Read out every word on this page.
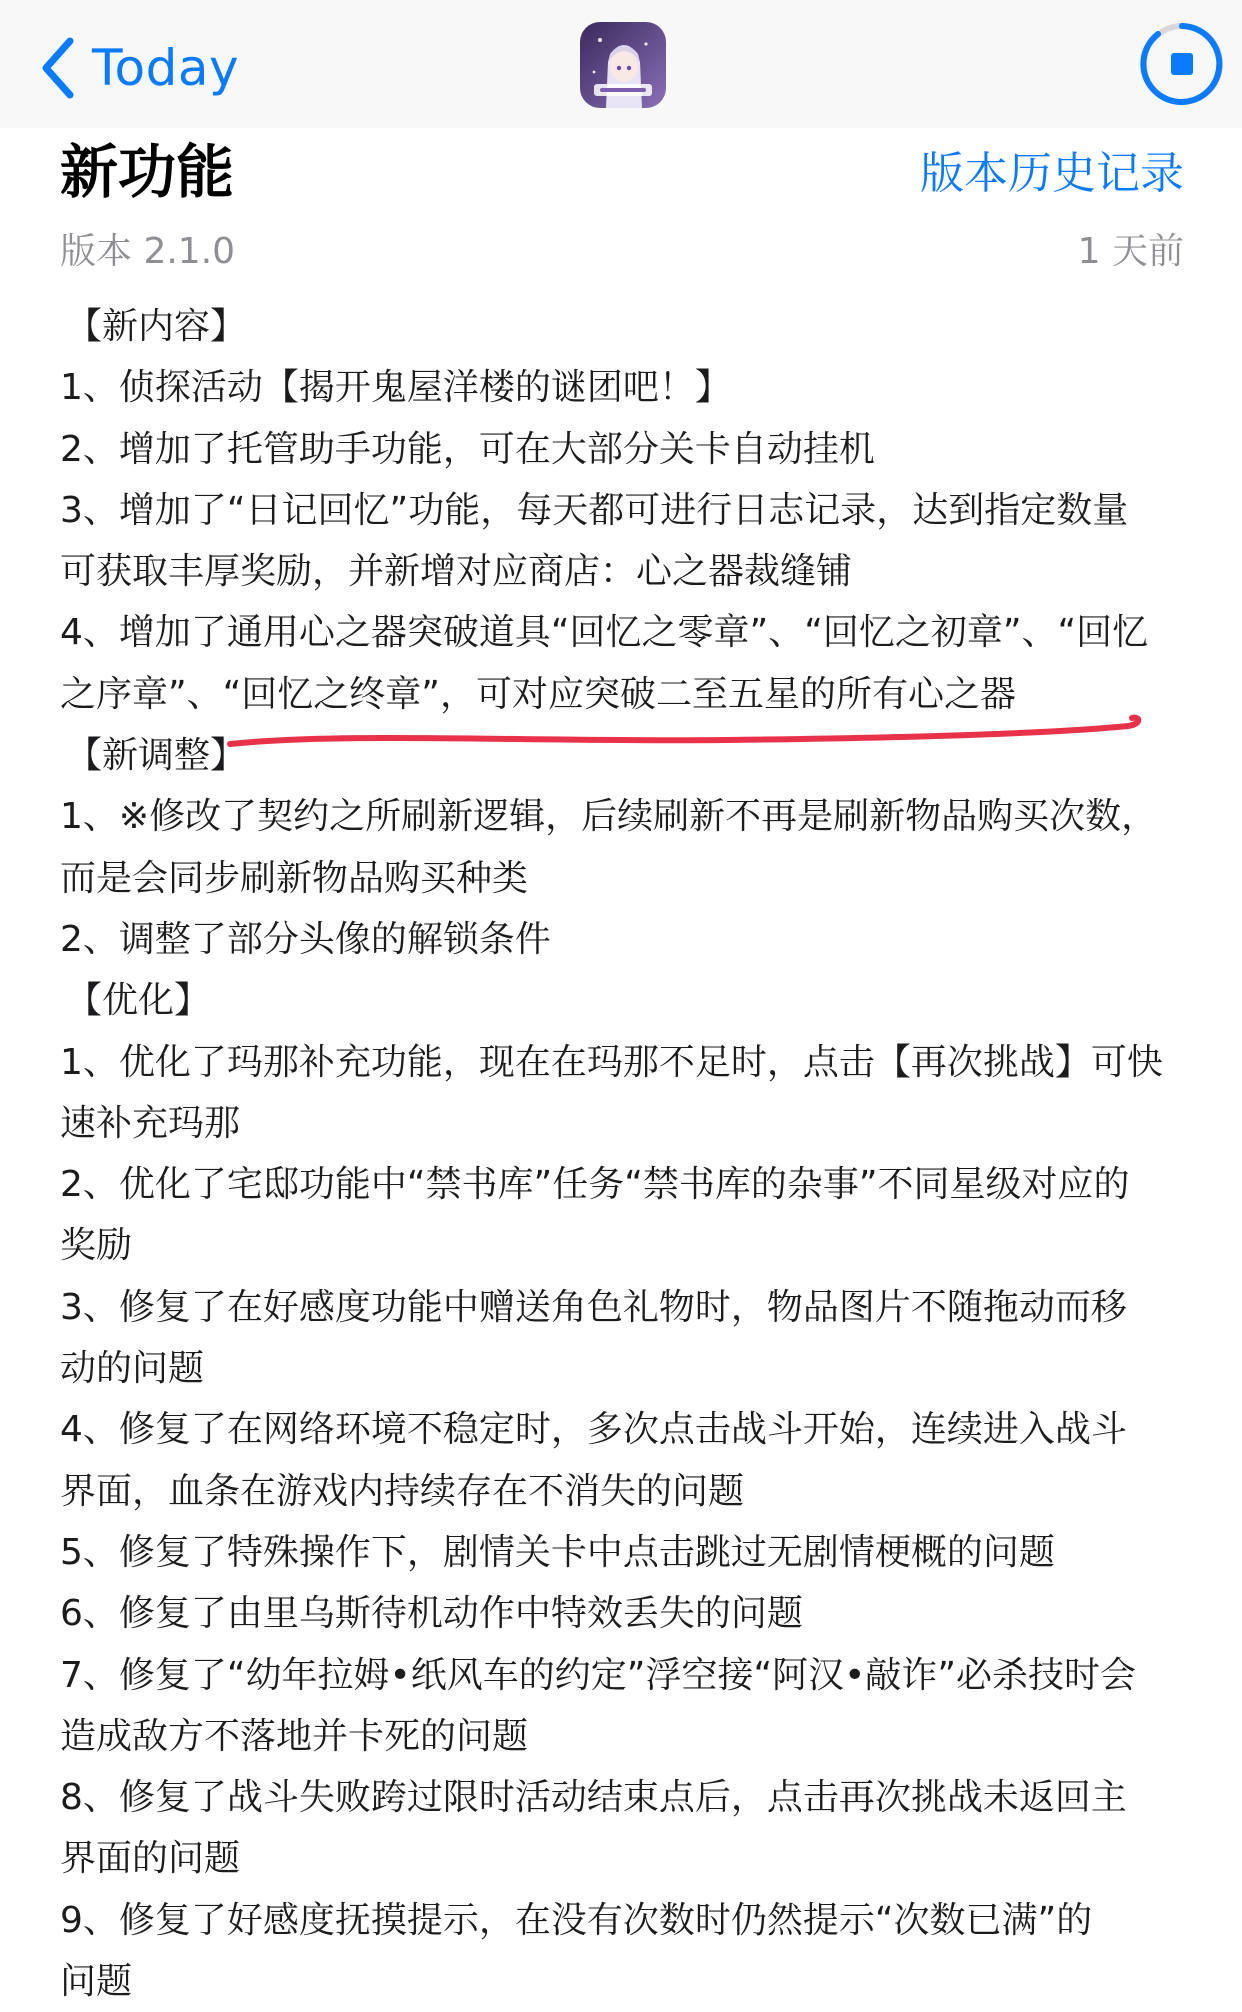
Today
新功能	版本历史记录
版本 2.1.0	1 天前
【新内容】
1、侦探活动【揭开鬼屋洋楼的谜团吧！】
2、增加了托管助手功能，可在大部分关卡自动挂机
3、增加了“日记回忆”功能，每天都可进行日志记录，达到指定数量
可获取丰厚奖励，并新增对应商店：心之器裁缝铺
4、增加了通用心之器突破道具“回忆之零章”、“回忆之初章”、“回忆
之序章”、“回忆之终章”，可对应突破二至五星的所有心之器
【新调整】
1、※修改了契约之所刷新逻辑，后续刷新不再是刷新物品购买次数，
而是会同步刷新物品购买种类
2、调整了部分头像的解锁条件
【优化】
1、优化了玛那补充功能，现在在玛那不足时，点击【再次挑战】可快
速补充玛那
2、优化了宅邸功能中“禁书库”任务“禁书库的杂事”不同星级对应的
奖励
3、修复了在好感度功能中赠送角色礼物时，物品图片不随拖动而移
动的问题
4、修复了在网络环境不稳定时，多次点击战斗开始，连续进入战斗
界面，血条在游戏内持续存在不消失的问题
5、修复了特殊操作下，剧情关卡中点击跳过无剧情梗概的问题
6、修复了由里乌斯待机动作中特效丢失的问题
7、修复了“幼年拉姆•纸风车的约定”浮空接“阿汉•敲诈”必杀技时会
造成敌方不落地并卡死的问题
8、修复了战斗失败跨过限时活动结束点后，点击再次挑战未返回主
界面的问题
9、修复了好感度抚摸提示，在没有次数时仍然提示“次数已满”的
问题
